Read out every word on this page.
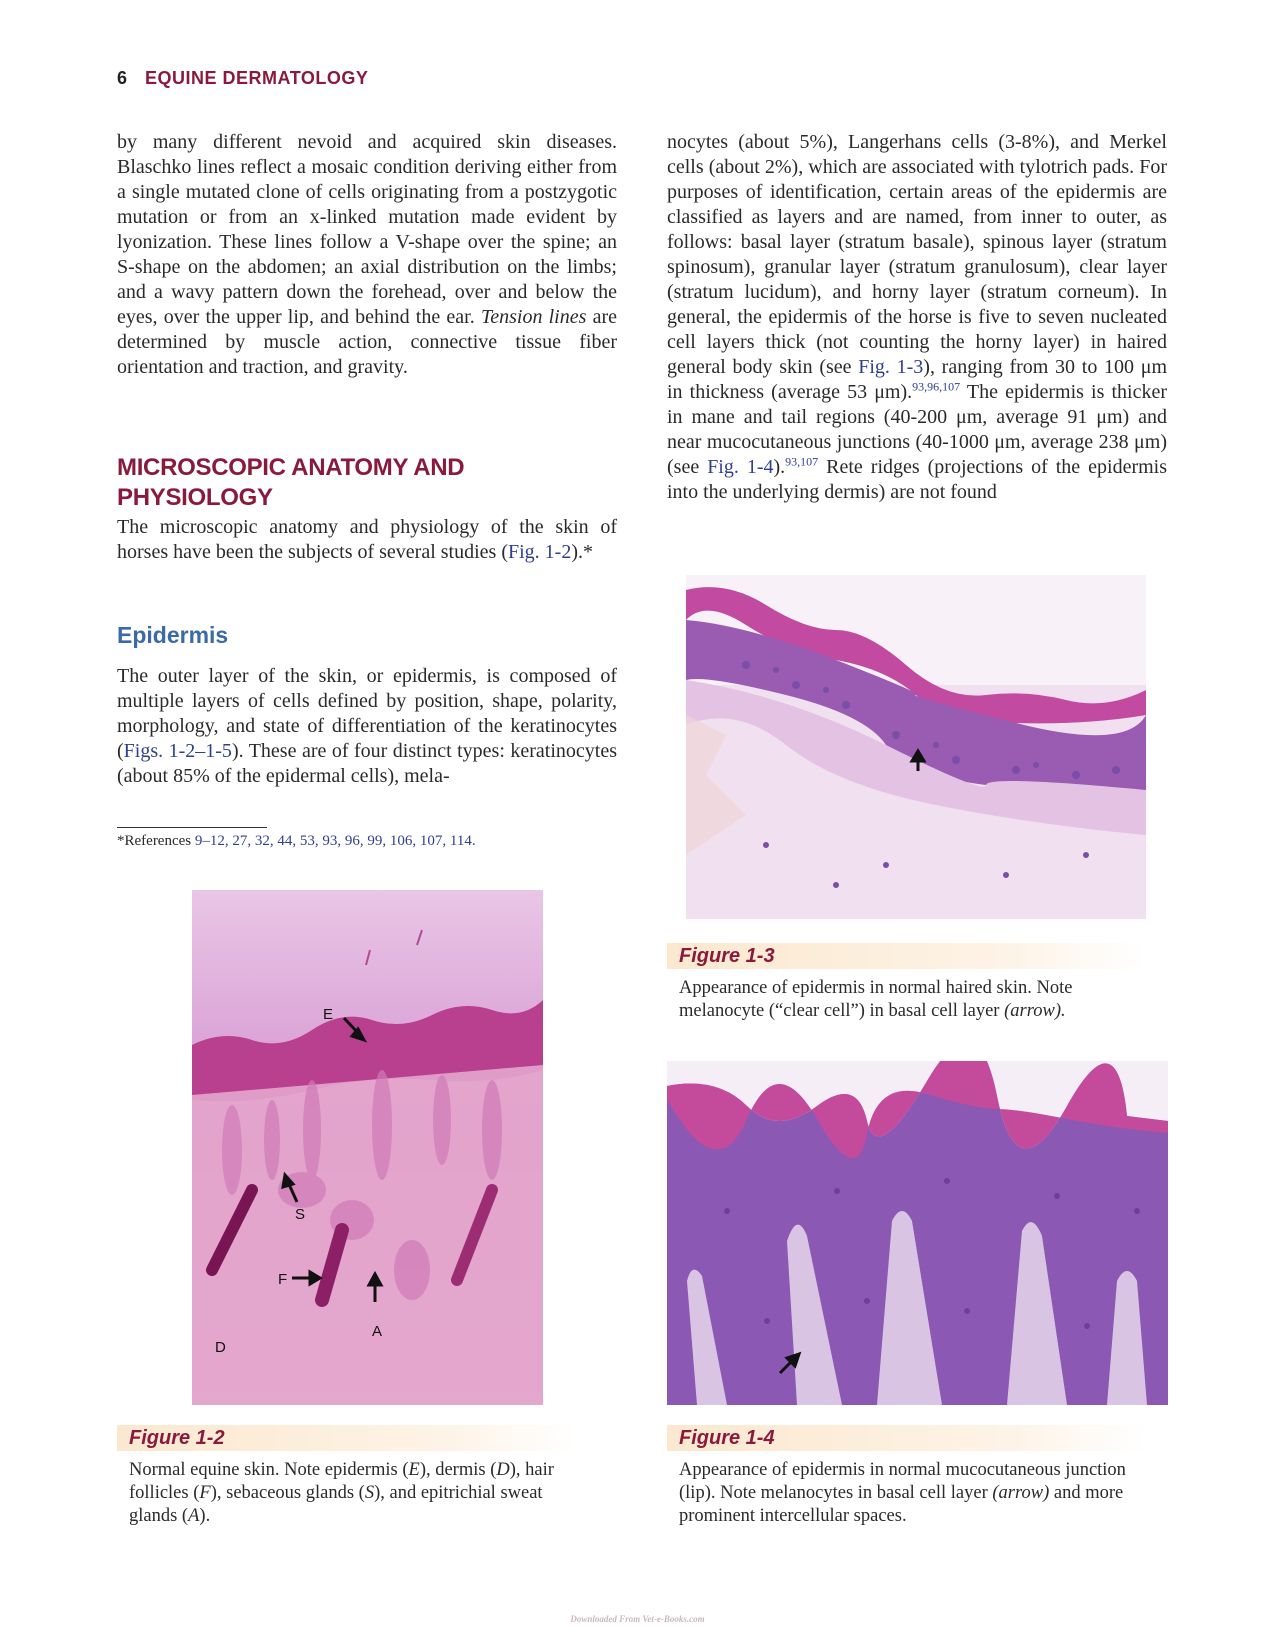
6 EQUINE DERMATOLOGY

by many different nevoid and acquired skin diseases. Blaschko lines reflect a mosaic condition deriving either from a single mutated clone of cells originating from a postzygotic mutation or from an x-linked mutation made evident by lyonization. These lines follow a V-shape over the spine; an S-shape on the abdomen; an axial distribution on the limbs; and a wavy pattern down the forehead, over and below the eyes, over the upper lip, and behind the ear. Tension lines are determined by muscle action, connective tissue fiber orientation and traction, and gravity.

MICROSCOPIC ANATOMY AND PHYSIOLOGY

The microscopic anatomy and physiology of the skin of horses have been the subjects of several studies (Fig. 1-2).*

Epidermis

The outer layer of the skin, or epidermis, is composed of multiple layers of cells defined by position, shape, polarity, morphology, and state of differentiation of the keratinocytes (Figs. 1-2–1-5). These are of four distinct types: keratinocytes (about 85% of the epidermal cells), mela-

*References 9–12, 27, 32, 44, 53, 93, 96, 99, 106, 107, 114.

nocytes (about 5%), Langerhans cells (3-8%), and Merkel cells (about 2%), which are associated with tylotrich pads. For purposes of identification, certain areas of the epidermis are classified as layers and are named, from inner to outer, as follows: basal layer (stratum basale), spinous layer (stratum spinosum), granular layer (stratum granulosum), clear layer (stratum lucidum), and horny layer (stratum corneum). In general, the epidermis of the horse is five to seven nucleated cell layers thick (not counting the horny layer) in haired general body skin (see Fig. 1-3), ranging from 30 to 100 μm in thickness (average 53 μm).$^{93,96,107}$ The epidermis is thicker in mane and tail regions (40-200 μm, average 91 μm) and near mucocutaneous junctions (40-1000 μm, average 238 μm) (see Fig. 1-4).$^{93,107}$ Rete ridges (projections of the epidermis into the underlying dermis) are not found

E
S
F
A
D
Figure 1-2
Normal equine skin. Note epidermis (E), dermis (D), hair follicles (F), sebaceous glands (S), and epitrichial sweat glands (A).
Figure 1-3
Appearance of epidermis in normal haired skin. Note melanocyte (“clear cell”) in basal cell layer (arrow).
Figure 1-4
Appearance of epidermis in normal mucocutaneous junction (lip). Note melanocytes in basal cell layer (arrow) and more prominent intercellular spaces.
Downloaded From Vet-e-Books.com
